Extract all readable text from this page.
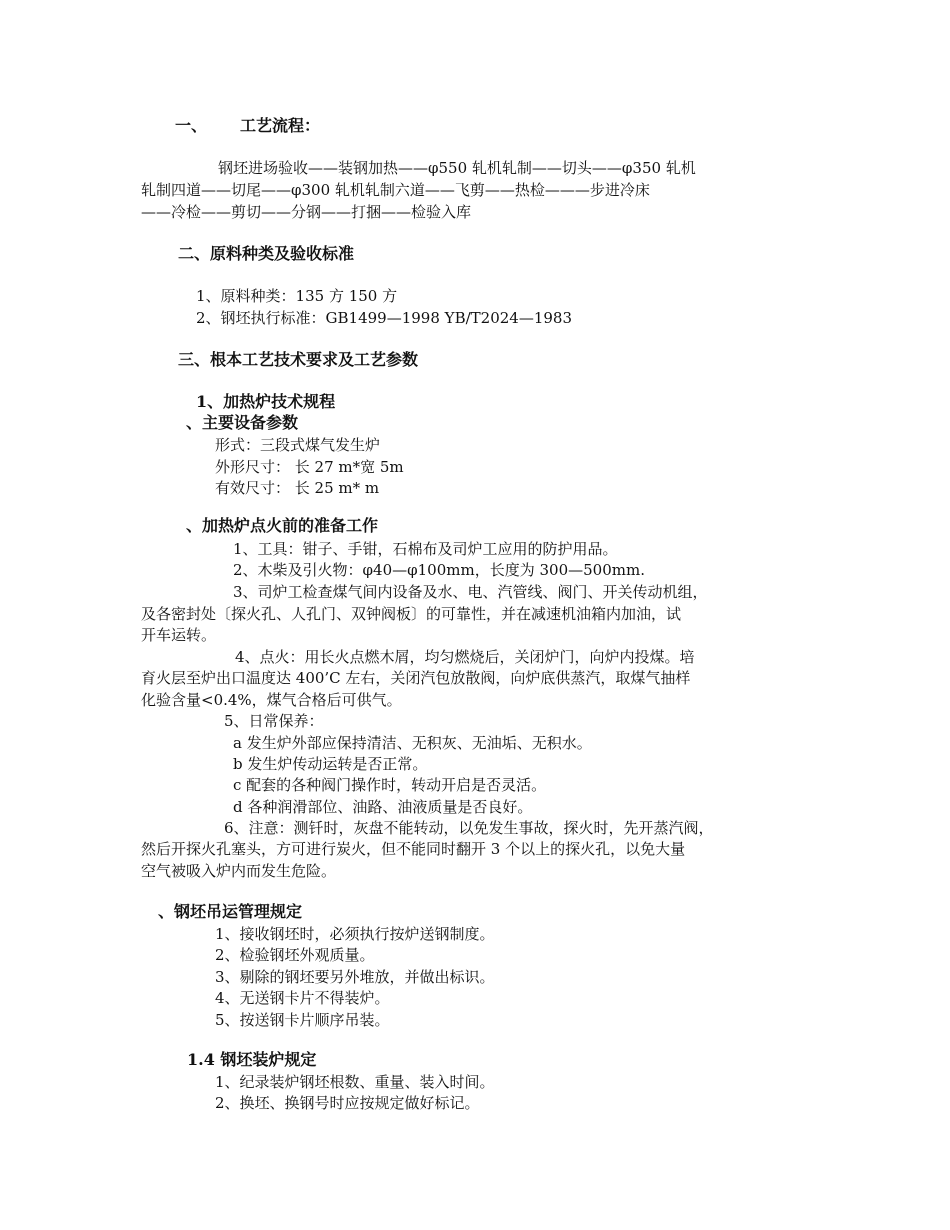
一、 工艺流程：
钢坯进场验收——装钢加热——φ550 轧机轧制——切头——φ350 轧机
轧制四道——切尾——φ300 轧机轧制六道——飞剪——热检———步进冷床
——冷检——剪切——分钢——打捆——检验入库
二、原料种类及验收标准
1、原料种类：135 方 150 方
2、钢坯执行标准：GB1499—1998 YB/T2024—1983
三、根本工艺技术要求及工艺参数
1、加热炉技术规程
、主要设备参数
形式：三段式煤气发生炉
外形尺寸： 长 27 m*宽 5m
有效尺寸： 长 25 m* m
、加热炉点火前的准备工作
1、工具：钳子、手钳，石棉布及司炉工应用的防护用品。
2、木柴及引火物：φ40—φ100mm，长度为 300—500mm.
3、司炉工检查煤气间内设备及水、电、汽管线、阀门、开关传动机组，
及各密封处〔探火孔、人孔门、双钟阀板〕的可靠性，并在减速机油箱内加油，试
开车运转。
4、点火：用长火点燃木屑，均匀燃烧后，关闭炉门，向炉内投煤。培
育火层至炉出口温度达 400’C 左右，关闭汽包放散阀，向炉底供蒸汽，取煤气抽样
化验含量<0.4%，煤气合格后可供气。
5、日常保养：
a 发生炉外部应保持清洁、无积灰、无油垢、无积水。
b 发生炉传动运转是否正常。
c 配套的各种阀门操作时，转动开启是否灵活。
d 各种润滑部位、油路、油液质量是否良好。
6、注意：测钎时，灰盘不能转动，以免发生事故，探火时，先开蒸汽阀，
然后开探火孔塞头，方可进行炭火，但不能同时翻开 3 个以上的探火孔，以免大量
空气被吸入炉内而发生危险。
、钢坯吊运管理规定
1、接收钢坯时，必须执行按炉送钢制度。
2、检验钢坯外观质量。
3、剔除的钢坯要另外堆放，并做出标识。
4、无送钢卡片不得装炉。
5、按送钢卡片顺序吊装。
1.4 钢坯装炉规定
1、纪录装炉钢坯根数、重量、装入时间。
2、换坯、换钢号时应按规定做好标记。
